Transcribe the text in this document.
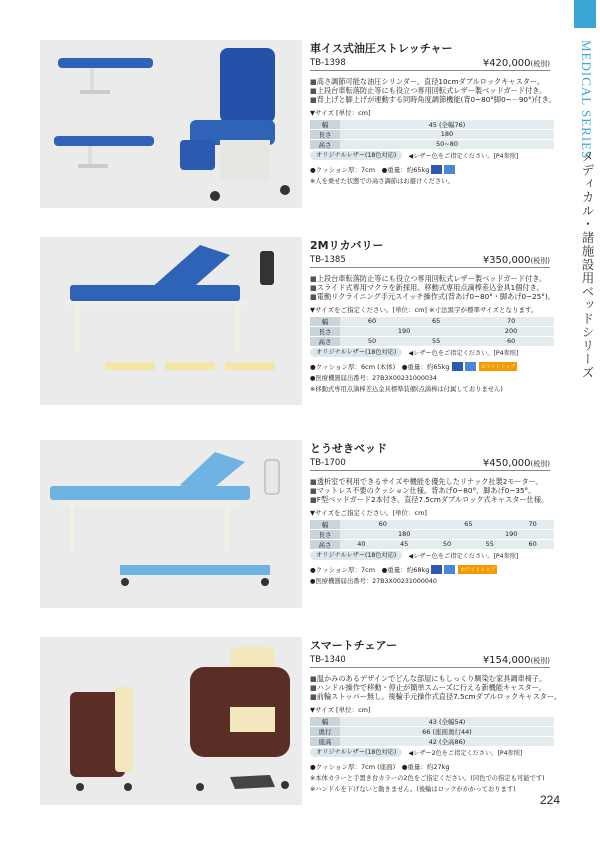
MEDICAL SERIES
メディカル・諸施設用ベッドシリーズ
車イス式油圧ストレッチャー
TB-1398	¥420,000(税別)
■ 高さ調節可能な油圧シリンダー。直径10cmダブルロックキャスター。
■ 上段台車転落防止等にも役立つ専用回転式レザー製ベッドガード付き。
■ 背上げと脚上げが連動する同時角度調節機能(背0~80°脚0~－90°)付き。
▼サイズ [単位：cm]
幅	45 (全幅76)
長さ	180
高さ	50~80
オリジナルレザー(18色対応)	◀レザー色をご指定ください。[P4参照]
●クッション厚：7cm　●重量：約65kg
※人を乗せた状態での高さ調節はお避けください。
2Mリカバリー
TB-1385	¥350,000(税別)
■ 上段台車転落防止等にも役立つ専用回転式レザー製ベッドガード付き。
■ スライド式専用マクラを新採用。移動式専用点滴棒差込金具1個付き。
■ 電動リクライニング手元スイッチ操作式(背あげ0~80°・脚あげ0~25°)。
▼サイズをご指定ください。[単位：cm] ※寸法黒字が標準サイズとなります。
幅	60	65	70
長さ	190		200
高さ	50	55	60
オリジナルレザー(18色対応)	◀レザー色をご指定ください。[P4参照]
●クッション厚：6cm (本体)　●重量：約65kg	ホワイトトップ
●医療機器届出番号：27B3X00231000034
※移動式専用点滴棒差込金具標準装備(点滴棒は付属しておりません)
とうせきベッド
TB-1700	¥450,000(税別)
■ 透析室で利用できるサイズや機能を優先したリナック社製2モーター。
■ マットレス不要のクッション仕様。背あげ0~80°、脚あげ0~35°。
■ F型ベッドガード2本付き。直径7.5cmダブルロック式キャスター仕様。
▼サイズをご指定ください。[単位：cm]
幅	60		65		70
長さ	180			190	
高さ	40	45	50	55	60
オリジナルレザー(18色対応)	◀レザー色をご指定ください。[P4参照]
●クッション厚：7cm　●重量：約68kg	ホワイトトップ
●医療機器届出番号：27B3X00231000040
スマートチェアー
TB-1340	¥154,000(税別)
■ 温かみのあるデザインでどんな部屋にもしっくり馴染む家具調車椅子。
■ ハンドル操作で移動・停止が簡単スムーズに行える新機能キャスター。
■ 前輪ストッパー無し。後輪手元操作式直径7.5cmダブルロックキャスター。
▼サイズ [単位：cm]
幅	43 (全幅54)
奥行	66 (座面奥行44)
座高	42 (全高86)
オリジナルレザー(18色対応)	◀レザー2色をご指定ください。[P4参照]
●クッション厚：7cm (座面)　●重量：約27kg
※本体カラーと手置き台カラーの2色をご指定ください。(同色での指定も可能です)
※ハンドルを下げないと動きません。(後輪はロックがかかっております)
224
